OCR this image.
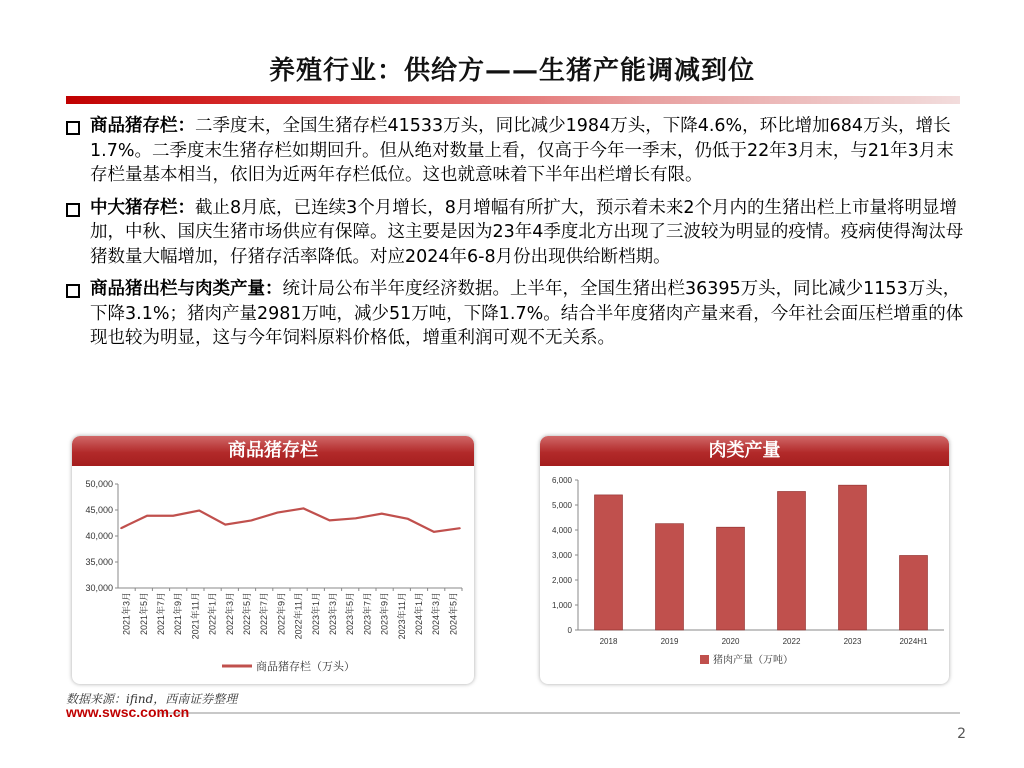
养殖行业：供给方——生猪产能调减到位
商品猪存栏：二季度末，全国生猪存栏41533万头，同比减少1984万头，下降4.6%，环比增加684万头，增长1.7%。二季度末生猪存栏如期回升。但从绝对数量上看，仅高于今年一季末，仍低于22年3月末，与21年3月末存栏量基本相当，依旧为近两年存栏低位。这也就意味着下半年出栏增长有限。
中大猪存栏：截止8月底，已连续3个月增长，8月增幅有所扩大，预示着未来2个月内的生猪出栏上市量将明显增加，中秋、国庆生猪市场供应有保障。这主要是因为23年4季度北方出现了三波较为明显的疫情。疫病使得淘汰母猪数量大幅增加，仔猪存活率降低。对应2024年6-8月份出现供给断档期。
商品猪出栏与肉类产量：统计局公布半年度经济数据。上半年，全国生猪出栏36395万头，同比减少1153万头，下降3.1%；猪肉产量2981万吨，减少51万吨，下降1.7%。结合半年度猪肉产量来看，今年社会面压栏增重的体现也较为明显，这与今年饲料原料价格低，增重利润可观不无关系。
商品猪存栏
50,000
45,000
40,000
35,000
30,000
2021年3月 2021年5月 2021年7月 2021年9月 2021年11月 2022年1月 2022年3月 2022年5月 2022年7月 2022年9月 2022年11月 2023年1月 2023年3月 2023年5月 2023年7月 2023年9月 2023年11月 2024年1月 2024年3月 2024年5月
商品猪存栏（万头）
肉类产量
6,000
5,000
4,000
3,000
2,000
1,000
0
2018	2019	2020	2022	2023	2024H1
猪肉产量（万吨）
数据来源：ifind，西南证券整理
www.swsc.com.cn
2
